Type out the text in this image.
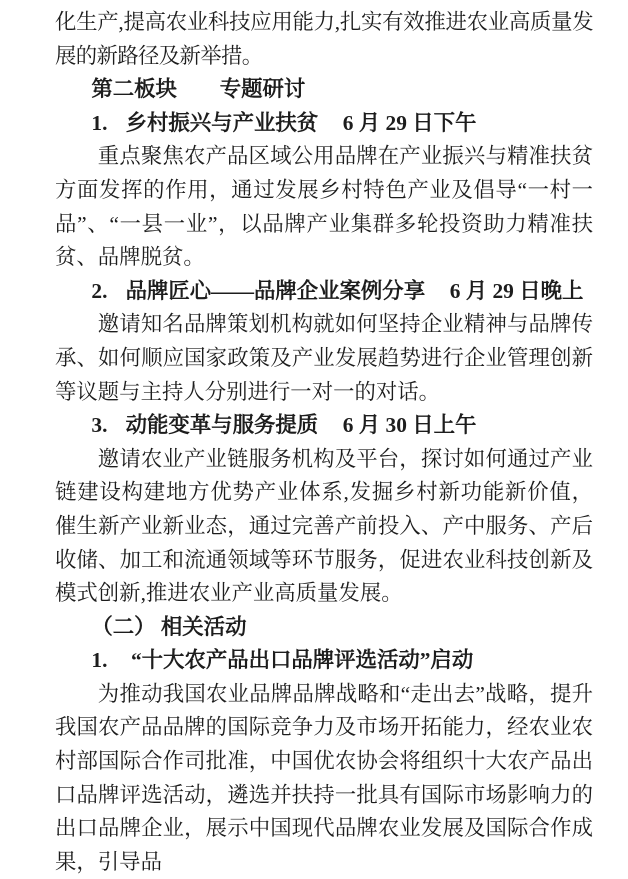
化生产,提高农业科技应用能力,扎实有效推进农业高质量发展的新路径及新举措。

第二板块　　专题研讨

1. 乡村振兴与产业扶贫 6 月 29 日下午

重点聚焦农产品区域公用品牌在产业振兴与精准扶贫方面发挥的作用，通过发展乡村特色产业及倡导“一村一品”、“一县一业”，以品牌产业集群多轮投资助力精准扶贫、品牌脱贫。

2. 品牌匠心——品牌企业案例分享 6 月 29 日晚上

邀请知名品牌策划机构就如何坚持企业精神与品牌传承、如何顺应国家政策及产业发展趋势进行企业管理创新等议题与主持人分别进行一对一的对话。

3. 动能变革与服务提质 6 月 30 日上午

邀请农业产业链服务机构及平台，探讨如何通过产业链建设构建地方优势产业体系,发掘乡村新功能新价值，催生新产业新业态，通过完善产前投入、产中服务、产后收储、加工和流通领域等环节服务，促进农业科技创新及模式创新,推进农业产业高质量发展。

（二） 相关活动

1. “十大农产品出口品牌评选活动”启动

为推动我国农业品牌品牌战略和“走出去”战略，提升我国农产品品牌的国际竞争力及市场开拓能力，经农业农村部国际合作司批准，中国优农协会将组织十大农产品出口品牌评选活动，遴选并扶持一批具有国际市场影响力的出口品牌企业，展示中国现代品牌农业发展及国际合作成果，引导品
